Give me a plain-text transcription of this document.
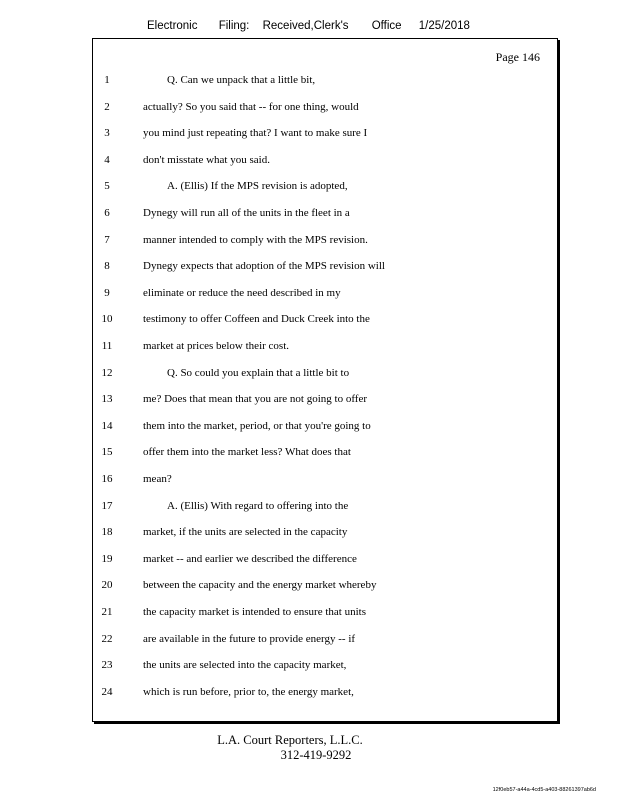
Electronic Filing: Received,Clerk's Office 1/25/2018
Page 146
1	Q. Can we unpack that a little bit,
2	actually? So you said that -- for one thing, would
3	you mind just repeating that? I want to make sure I
4	don't misstate what you said.
5	A. (Ellis) If the MPS revision is adopted,
6	Dynegy will run all of the units in the fleet in a
7	manner intended to comply with the MPS revision.
8	Dynegy expects that adoption of the MPS revision will
9	eliminate or reduce the need described in my
10	testimony to offer Coffeen and Duck Creek into the
11	market at prices below their cost.
12	Q. So could you explain that a little bit to
13	me? Does that mean that you are not going to offer
14	them into the market, period, or that you're going to
15	offer them into the market less? What does that
16	mean?
17	A. (Ellis) With regard to offering into the
18	market, if the units are selected in the capacity
19	market -- and earlier we described the difference
20	between the capacity and the energy market whereby
21	the capacity market is intended to ensure that units
22	are available in the future to provide energy -- if
23	the units are selected into the capacity market,
24	which is run before, prior to, the energy market,
L.A. Court Reporters, L.L.C.
312-419-9292
12f0eb57-a44a-4cd5-a403-88261397ab6d
